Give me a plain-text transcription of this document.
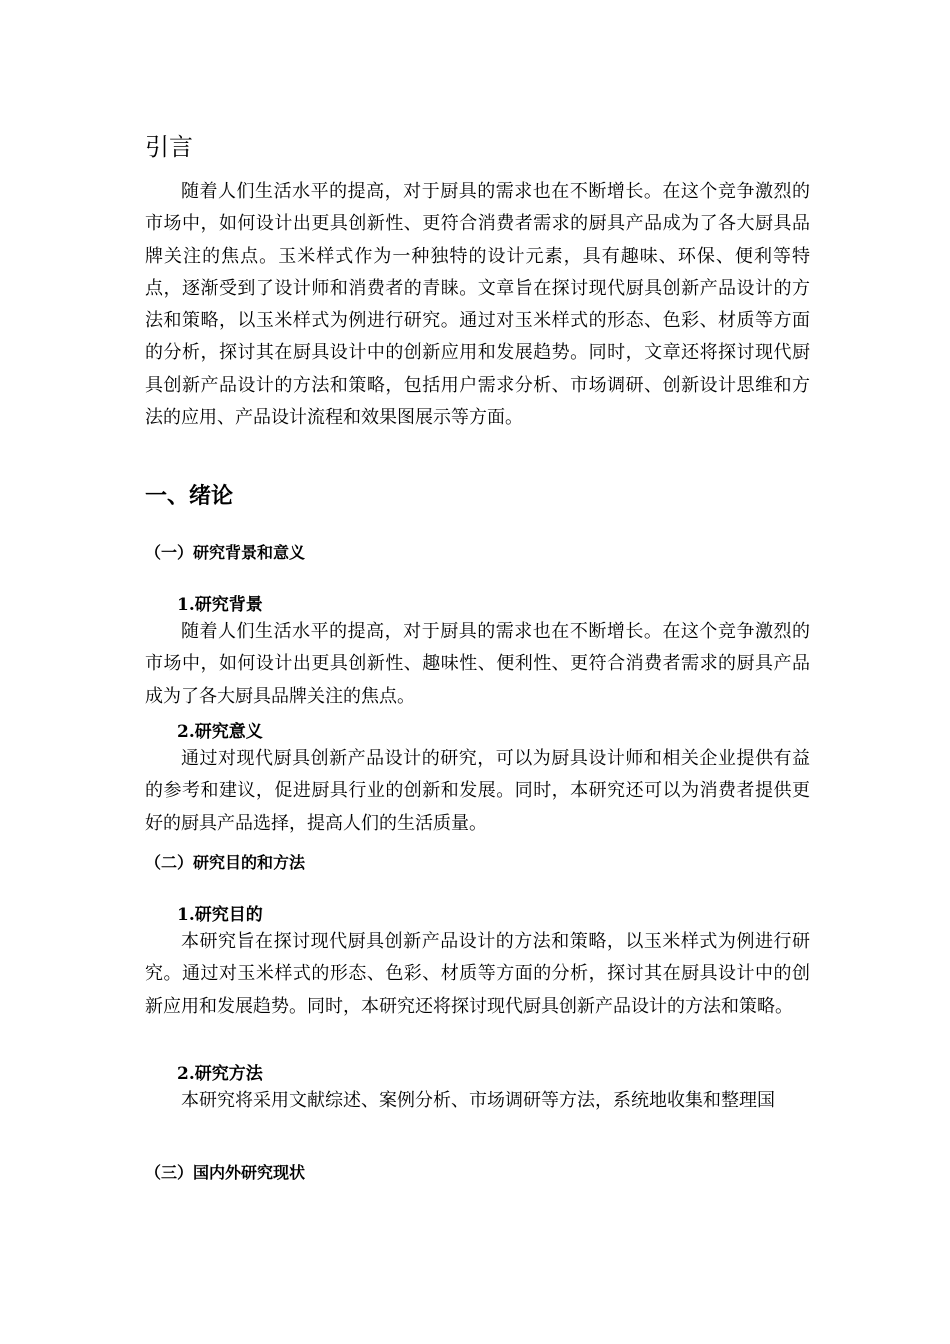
引言

随着人们生活水平的提高，对于厨具的需求也在不断增长。在这个竞争激烈的市场中，如何设计出更具创新性、更符合消费者需求的厨具产品成为了各大厨具品牌关注的焦点。玉米样式作为一种独特的设计元素，具有趣味、环保、便利等特点，逐渐受到了设计师和消费者的青睐。文章旨在探讨现代厨具创新产品设计的方法和策略，以玉米样式为例进行研究。通过对玉米样式的形态、色彩、材质等方面的分析，探讨其在厨具设计中的创新应用和发展趋势。同时，文章还将探讨现代厨具创新产品设计的方法和策略，包括用户需求分析、市场调研、创新设计思维和方法的应用、产品设计流程和效果图展示等方面。

一、绪论
（一）研究背景和意义
1.研究背景

随着人们生活水平的提高，对于厨具的需求也在不断增长。在这个竞争激烈的市场中，如何设计出更具创新性、趣味性、便利性、更符合消费者需求的厨具产品成为了各大厨具品牌关注的焦点。

2.研究意义

通过对现代厨具创新产品设计的研究，可以为厨具设计师和相关企业提供有益的参考和建议，促进厨具行业的创新和发展。同时，本研究还可以为消费者提供更好的厨具产品选择，提高人们的生活质量。

（二）研究目的和方法
1.研究目的

本研究旨在探讨现代厨具创新产品设计的方法和策略，以玉米样式为例进行研究。通过对玉米样式的形态、色彩、材质等方面的分析，探讨其在厨具设计中的创新应用和发展趋势。同时，本研究还将探讨现代厨具创新产品设计的方法和策略。

2.研究方法

本研究将采用文献综述、案例分析、市场调研等方法，系统地收集和整理国

（三）国内外研究现状
